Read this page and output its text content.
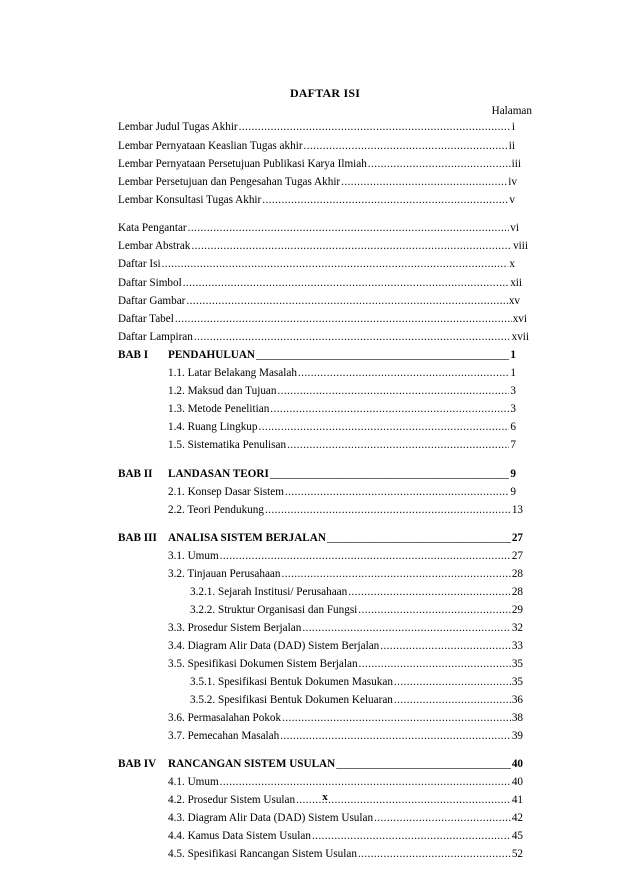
DAFTAR ISI
Halaman
Lembar Judul Tugas Akhir .....	i
Lembar Pernyataan Keaslian Tugas akhir .....	ii
Lembar Pernyataan Persetujuan Publikasi Karya Ilmiah .....	iii
Lembar Persetujuan dan Pengesahan Tugas Akhir .....	iv
Lembar Konsultasi Tugas Akhir .....	v
Kata Pengantar .....	vi
Lembar Abstrak .....	viii
Daftar Isi .....	x
Daftar Simbol .....	xii
Daftar Gambar .....	xv
Daftar Tabel .....	xvi
Daftar Lampiran .....	xvii
BAB I PENDAHULUAN _____	1
1.1. Latar Belakang Masalah .....	1
1.2. Maksud dan Tujuan .....	3
1.3. Metode Penelitian .....	3
1.4. Ruang Lingkup .....	6
1.5. Sistematika Penulisan .....	7
BAB II LANDASAN TEORI _____	9
2.1. Konsep Dasar Sistem .....	9
2.2. Teori Pendukung .....	13
BAB III ANALISA SISTEM BERJALAN _____	27
3.1. Umum .....	27
3.2. Tinjauan Perusahaan .....	28
3.2.1. Sejarah Institusi/ Perusahaan .....	28
3.2.2. Struktur Organisasi dan Fungsi .....	29
3.3. Prosedur Sistem Berjalan .....	32
3.4. Diagram Alir Data (DAD) Sistem Berjalan .....	33
3.5. Spesifikasi Dokumen Sistem Berjalan .....	35
3.5.1. Spesifikasi Bentuk Dokumen Masukan .....	35
3.5.2. Spesifikasi Bentuk Dokumen Keluaran .....	36
3.6. Permasalahan Pokok .....	38
3.7. Pemecahan Masalah .....	39
BAB IV RANCANGAN SISTEM USULAN _____	40
4.1. Umum .....	40
4.2. Prosedur Sistem Usulan .....	41
4.3. Diagram Alir Data (DAD) Sistem Usulan .....	42
4.4. Kamus Data Sistem Usulan .....	45
4.5. Spesifikasi Rancangan Sistem Usulan .....	52
x
